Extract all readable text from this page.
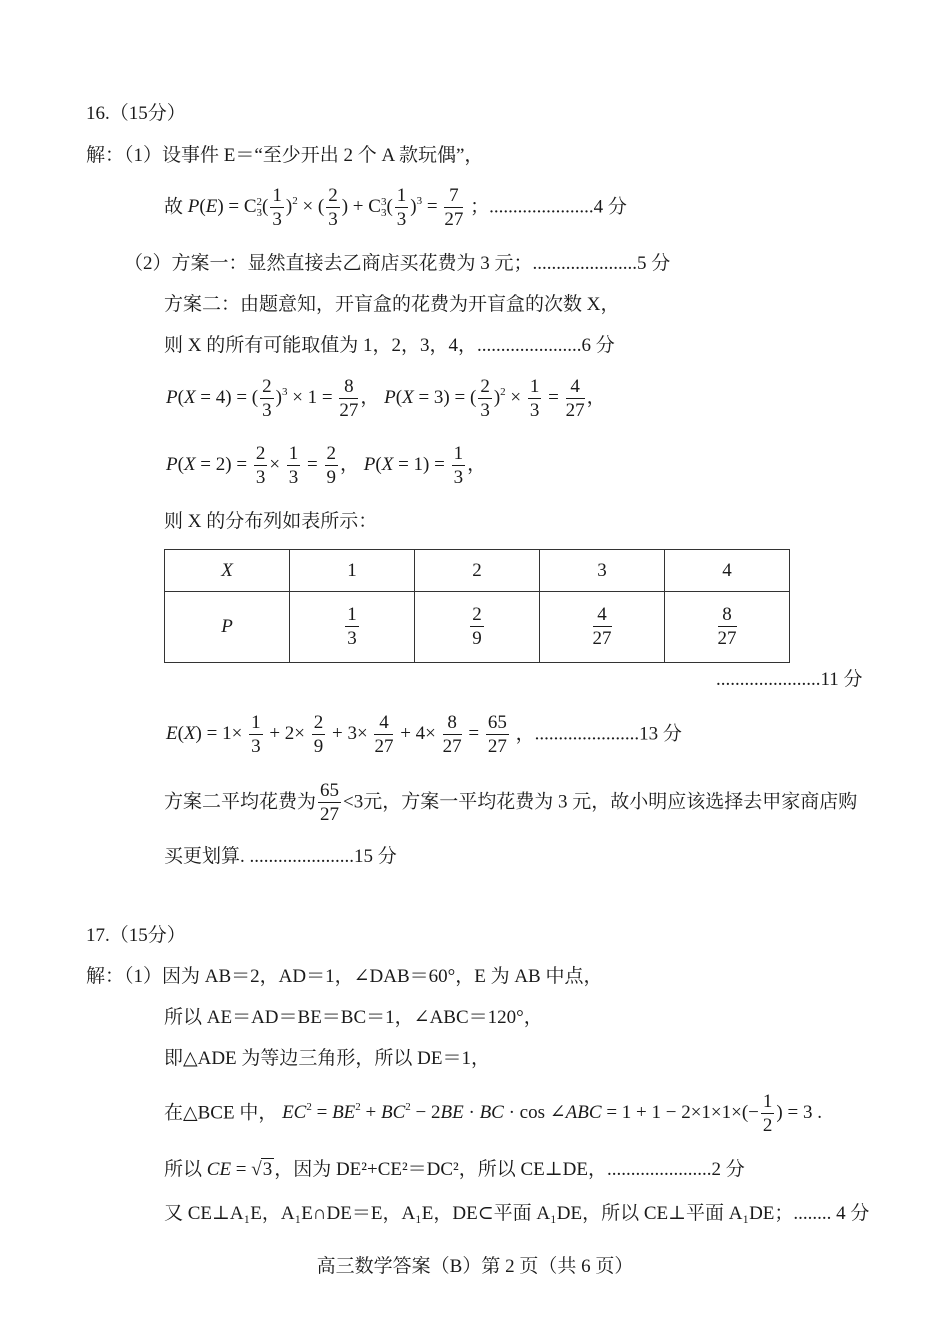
16.（15分）
解：（1）设事件 E＝“至少开出 2 个 A 款玩偶”，
故 P(E) = C 2
3 ( $\frac{1}{3} )^2$ × ( $\frac{2}{3}$ ) + C 3
3 ( $\frac{1}{3} )^3 = \frac{7}{27}$ ；......................4 分
（2）方案一：显然直接去乙商店买花费为 3 元；......................5 分
方案二：由题意知，开盲盒的花费为开盲盒的次数 X，
则 X 的所有可能取值为 1，2，3，4，......................6 分
P(X = 4) = ( $\frac{2}{3} )^3 \times 1 = \frac{8}{27}$ ， P(X = 3) = ( $\frac{2}{3} )^2 \times \frac{1}{3} = \frac{4}{27}$ ，
$P(X = 2) = \frac{2}{3} \times \frac{1}{3} = \frac{2}{9}$ ， $P(X = 1) = \frac{1}{3}$ ，
则 X 的分布列如表所示：
X	1	2	3	4
P	$\frac{1}{3}$	$\frac{2}{9}$	$\frac{4}{27}$	$\frac{8}{27}$
......................11 分
$E(X) = 1\times \frac{1}{3} + 2\times \frac{2}{9} + 3\times \frac{4}{27} + 4\times \frac{8}{27} = \frac{65}{27}$ ，......................13 分
方案二平均花费为 $\frac{65}{27} <3$元，方案一平均花费为 3 元，故小明应该选择去甲家商店购
买更划算. ......................15 分
17.（15分）
解：（1）因为 AB＝2，AD＝1，∠DAB＝60°，E 为 AB 中点，
所以 AE＝AD＝BE＝BC＝1，∠ABC＝120°，
即△ADE 为等边三角形，所以 DE＝1，
在△BCE 中， $EC^2 = BE^2 + BC^2 - 2BE$ · BC · cos ∠ABC = $1 + 1 - 2\times 1\times 1\times(- \frac{1}{2}$ ) = 3 .
所以 CE = √3 ，因为 DE²+CE²＝DC²，所以 CE⊥DE，......................2 分
又 CE⊥A₁E，A₁E∩DE＝E，A₁E，DE⊂平面 A₁DE，所以 CE⊥平面 A₁DE；........ 4 分
高三数学答案（B）第 2 页（共 6 页）
